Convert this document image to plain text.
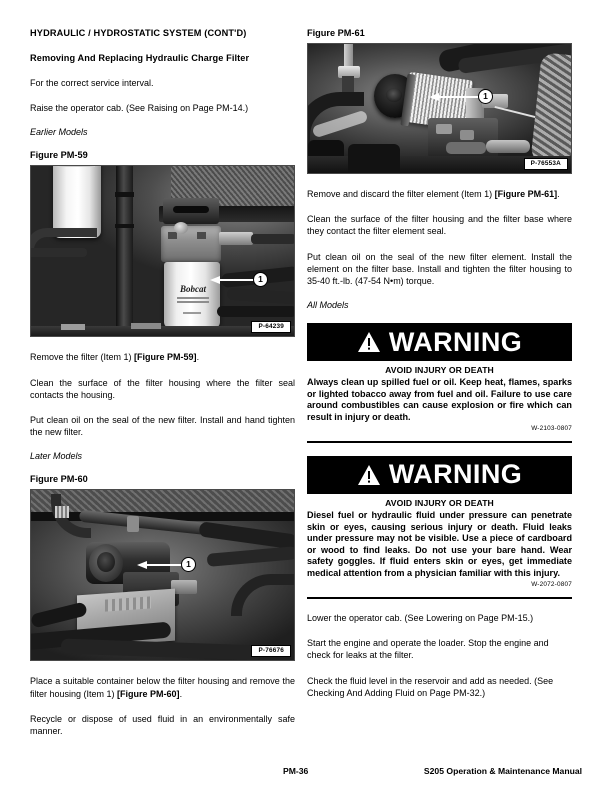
HYDRAULIC / HYDROSTATIC SYSTEM (CONT'D)
Removing And Replacing Hydraulic Charge Filter

For the correct service interval.

Raise the operator cab. (See Raising on Page PM-14.)

Earlier Models
Figure PM-59
Bobcat
1
P-64239

Remove the filter (Item 1) [Figure PM-59].

Clean the surface of the filter housing where the filter seal contacts the housing.

Put clean oil on the seal of the new filter. Install and hand tighten the new filter.

Later Models
Figure PM-60
1
P-76676

Place a suitable container below the filter housing and remove the filter housing (Item 1) [Figure PM-60].

Recycle or dispose of used fluid in an environmentally safe manner.

Figure PM-61
1
P-76553A

Remove and discard the filter element (Item 1) [Figure PM-61].

Clean the surface of the filter housing and the filter base where they contact the filter element seal.

Put clean oil on the seal of the new filter element. Install the element on the filter base. Install and tighten the filter housing to 35-40 ft.-lb. (47-54 N•m) torque.

All Models
WARNING
AVOID INJURY OR DEATH
Always clean up spilled fuel or oil. Keep heat, flames, sparks or lighted tobacco away from fuel and oil. Failure to use care around combustibles can cause explosion or fire which can result in injury or death.
W-2103-0807
WARNING
AVOID INJURY OR DEATH
Diesel fuel or hydraulic fluid under pressure can penetrate skin or eyes, causing serious injury or death. Fluid leaks under pressure may not be visible. Use a piece of cardboard or wood to find leaks. Do not use your bare hand. Wear safety goggles. If fluid enters skin or eyes, get immediate medical attention from a physician familiar with this injury.
W-2072-0807

Lower the operator cab. (See Lowering on Page PM-15.)

Start the engine and operate the loader. Stop the engine and check for leaks at the filter.

Check the fluid level in the reservoir and add as needed. (See Checking And Adding Fluid on Page PM-32.)

PM-36	S205 Operation & Maintenance Manual
